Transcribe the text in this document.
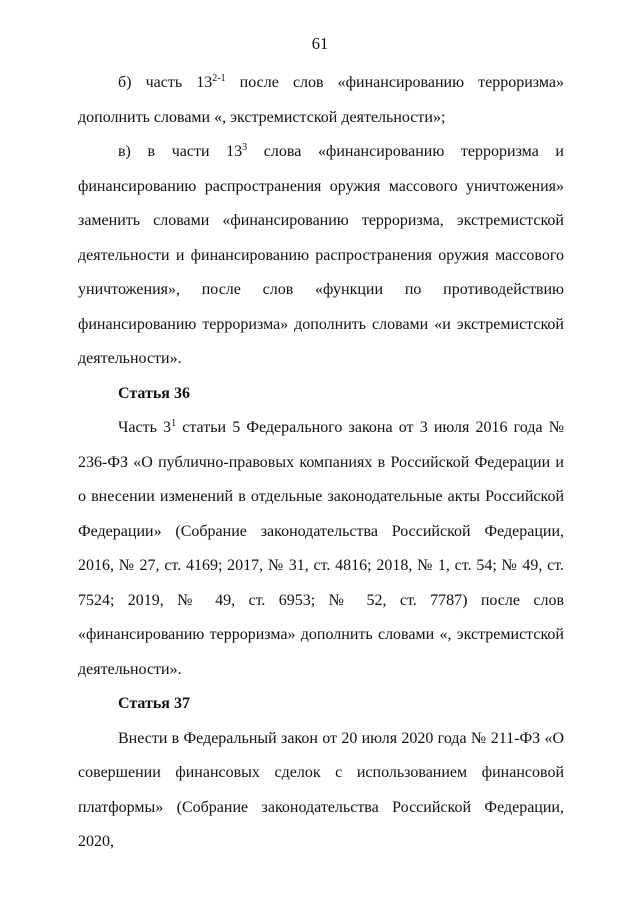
61

б) часть 13$^{2-1}$ после слов «финансированию терроризма» дополнить словами «, экстремистской деятельности»;

в) в части $13^3$ слова «финансированию терроризма и финансированию распространения оружия массового уничтожения» заменить словами «финансированию терроризма, экстремистской деятельности и финансированию распространения оружия массового уничтожения», после слов «функции по противодействию финансированию терроризма» дополнить словами «и экстремистской деятельности».

Статья 36

Часть $3^1$ статьи 5 Федерального закона от 3 июля 2016 года № 236-ФЗ «О публично-правовых компаниях в Российской Федерации и о внесении изменений в отдельные законодательные акты Российской Федерации» (Собрание законодательства Российской Федерации, 2016, № 27, ст. 4169; 2017, № 31, ст. 4816; 2018, № 1, ст. 54; № 49, ст. 7524; 2019, № 49, ст. 6953; № 52, ст. 7787) после слов «финансированию терроризма» дополнить словами «, экстремистской деятельности».

Статья 37

Внести в Федеральный закон от 20 июля 2020 года № 211-ФЗ «О совершении финансовых сделок с использованием финансовой платформы» (Собрание законодательства Российской Федерации, 2020,
